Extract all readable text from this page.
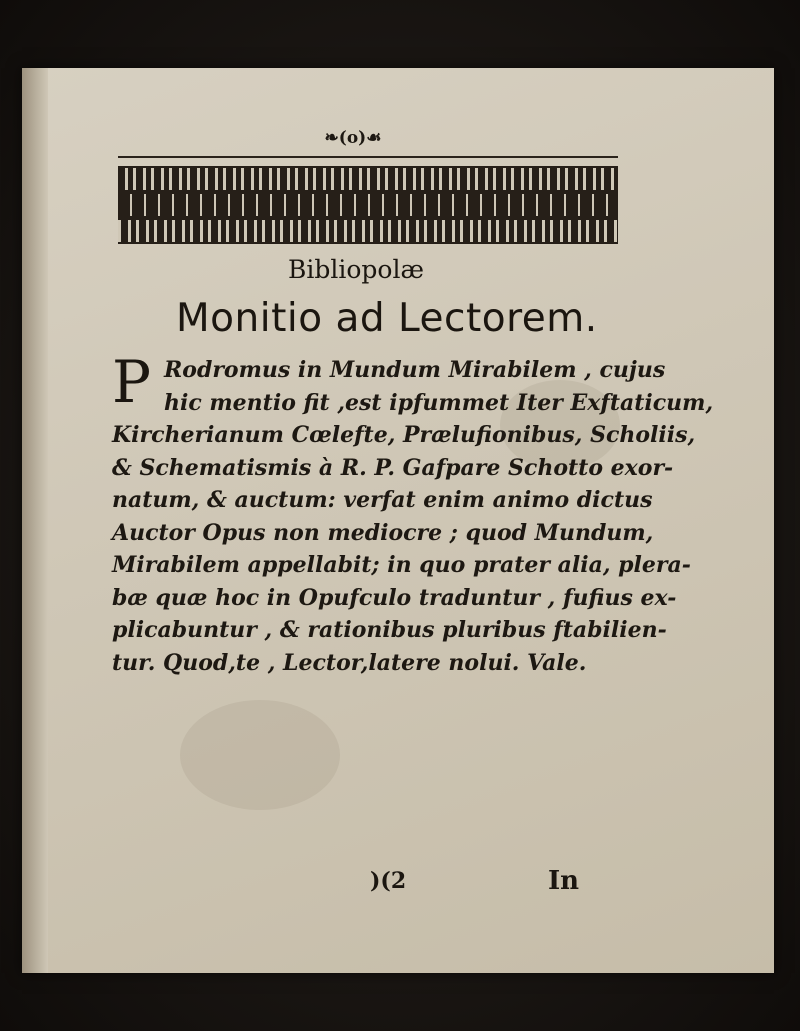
❧(o)☙
Bibliopolæ
Monitio ad Lectorem.
P Rodromus in Mundum Mirabilem , cujus
hic mentio fit ,est ipfummet Iter Exftaticum,
Kircherianum Cœlefte, Prælufionibus, Scholiis,
& Schematismis à R. P. Gafpare Schotto exor-
natum, & auctum: verfat enim animo dictus
Auctor Opus non mediocre ; quod Mundum,
Mirabilem appellabit; in quo prater alia, plera-
bæ quæ hoc in Opufculo traduntur , fufius ex-
plicabuntur , & rationibus pluribus ftabilien-
tur. Quod,te , Lector,latere nolui. Vale.
)(2	In
